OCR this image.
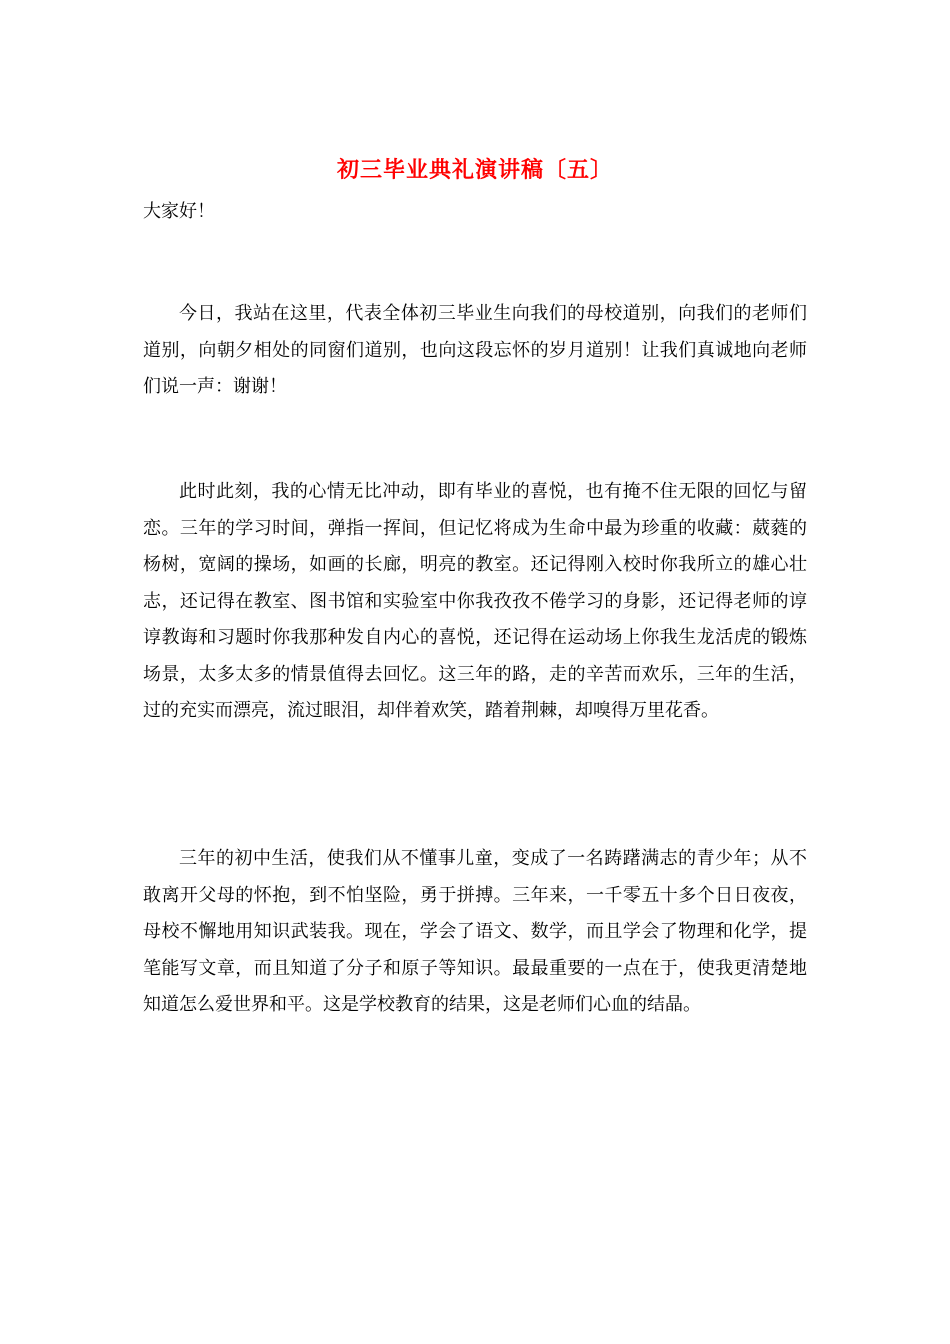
初三毕业典礼演讲稿〔五〕
大家好！

今日，我站在这里，代表全体初三毕业生向我们的母校道别，向我们的老师们道别，向朝夕相处的同窗们道别，也向这段忘怀的岁月道别！让我们真诚地向老师们说一声：谢谢！

此时此刻，我的心情无比冲动，即有毕业的喜悦，也有掩不住无限的回忆与留恋。三年的学习时间，弹指一挥间，但记忆将成为生命中最为珍重的收藏：葳蕤的杨树，宽阔的操场，如画的长廊，明亮的教室。还记得刚入校时你我所立的雄心壮志，还记得在教室、图书馆和实验室中你我孜孜不倦学习的身影，还记得老师的谆谆教诲和习题时你我那种发自内心的喜悦，还记得在运动场上你我生龙活虎的锻炼场景，太多太多的情景值得去回忆。这三年的路，走的辛苦而欢乐，三年的生活，过的充实而漂亮，流过眼泪，却伴着欢笑，踏着荆棘，却嗅得万里花香。

三年的初中生活，使我们从不懂事儿童，变成了一名踌躇满志的青少年；从不敢离开父母的怀抱，到不怕坚险，勇于拼搏。三年来，一千零五十多个日日夜夜，母校不懈地用知识武装我。现在，学会了语文、数学，而且学会了物理和化学，提笔能写文章，而且知道了分子和原子等知识。最最重要的一点在于，使我更清楚地知道怎么爱世界和平。这是学校教育的结果，这是老师们心血的结晶。
